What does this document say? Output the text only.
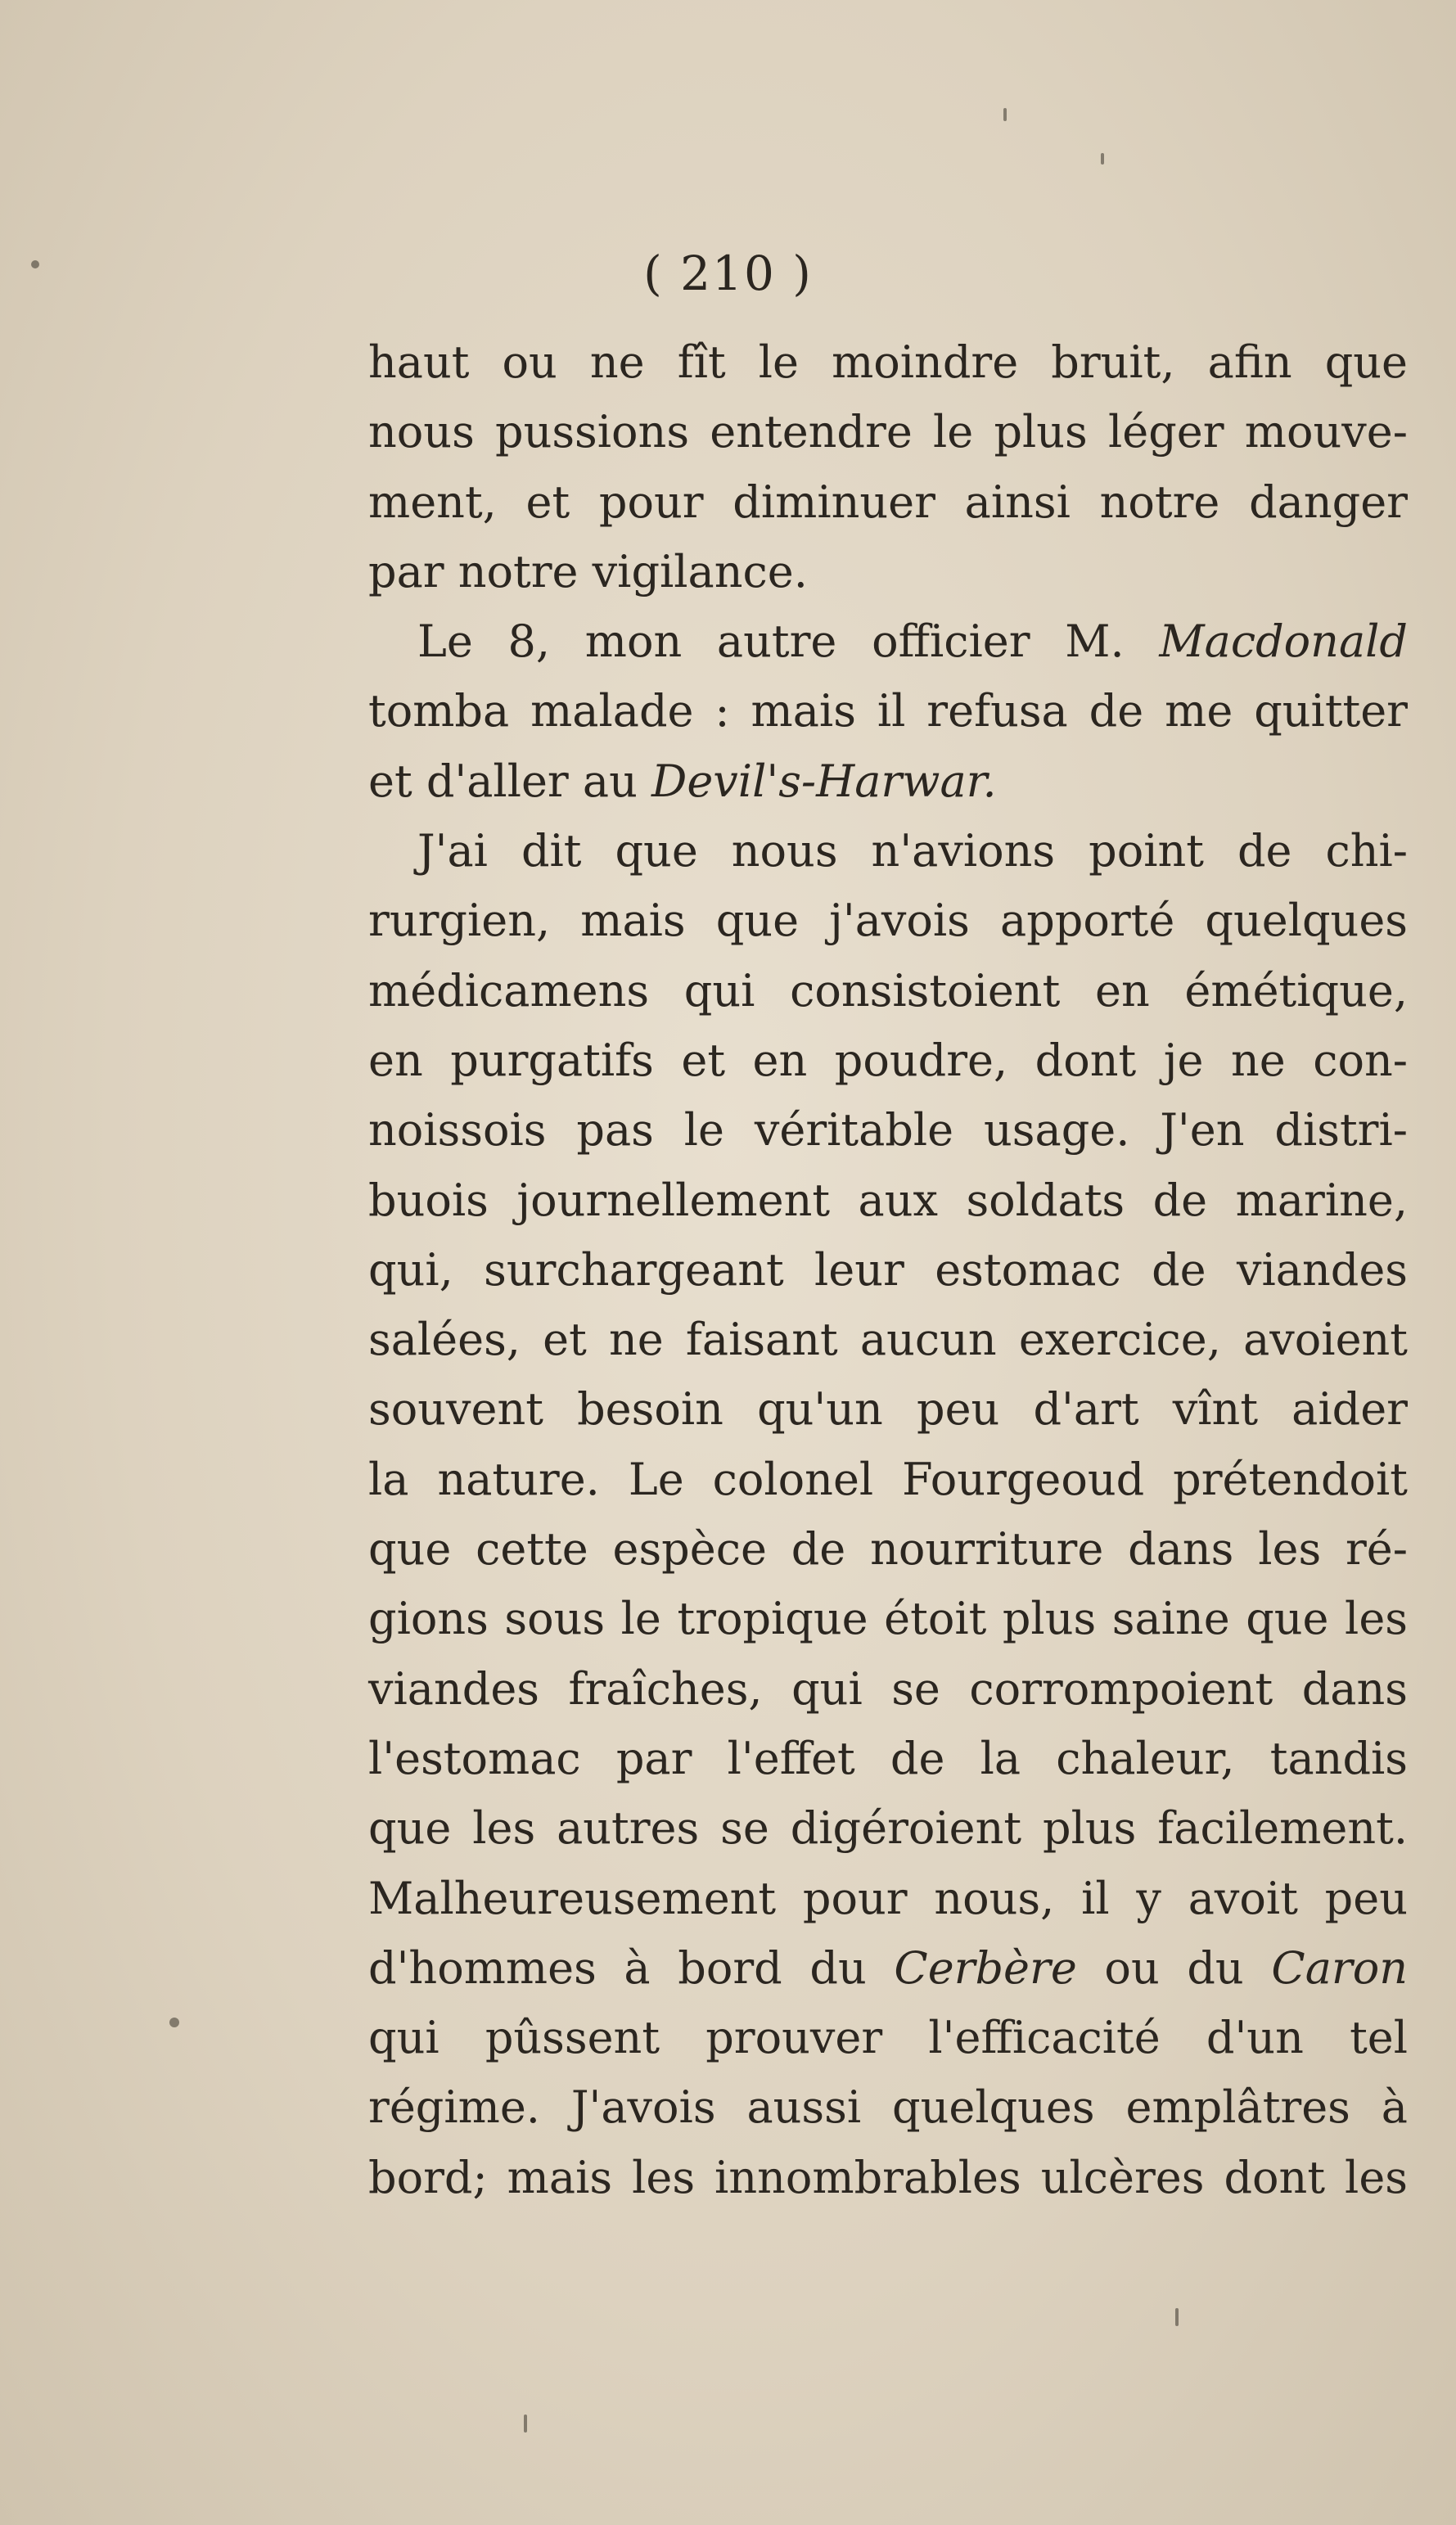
( 210 )
haut ou ne fît le moindre bruit, afin que
nous pussions entendre le plus léger mouve-
ment, et pour diminuer ainsi notre danger
par notre vigilance.
Le 8, mon autre officier M. Macdonald
tomba malade : mais il refusa de me quitter
et d'aller au Devil's-Harwar.
J'ai dit que nous n'avions point de chi-
rurgien, mais que j'avois apporté quelques
médicamens qui consistoient en émétique,
en purgatifs et en poudre, dont je ne con-
noissois pas le véritable usage. J'en distri-
buois journellement aux soldats de marine,
qui, surchargeant leur estomac de viandes
salées, et ne faisant aucun exercice, avoient
souvent besoin qu'un peu d'art vînt aider
la nature. Le colonel Fourgeoud prétendoit
que cette espèce de nourriture dans les ré-
gions sous le tropique étoit plus saine que les
viandes fraîches, qui se corrompoient dans
l'estomac par l'effet de la chaleur, tandis
que les autres se digéroient plus facilement.
Malheureusement pour nous, il y avoit peu
d'hommes à bord du Cerbère ou du Caron
qui pûssent prouver l'efficacité d'un tel
régime. J'avois aussi quelques emplâtres à
bord; mais les innombrables ulcères dont les
